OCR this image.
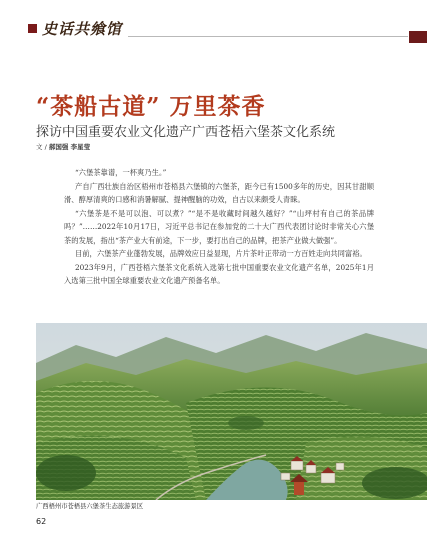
史话共飨馆
“茶船古道” 万里茶香
探访中国重要农业文化遗产广西苍梧六堡茶文化系统
文 / 郝国强 李星莹

“六堡茶靠谱，一杯爽乃生。”

产自广西壮族自治区梧州市苍梧县六堡镇的六堡茶，距今已有1500多年的历史，因其甘甜顺滑、醇厚清爽的口感和消暑解腻、提神醒脑的功效，自古以来颇受人青睐。

“六堡茶是不是可以泡、可以煮？”“是不是收藏时间越久越好？”“山坪村有自己的茶品牌吗？”……2022年10月17日，习近平总书记在参加党的二十大广西代表团讨论时非常关心六堡茶的发展，指出“茶产业大有前途，下一步，要打出自己的品牌，把茶产业做大做强”。

目前，六堡茶产业蓬勃发展，品牌效应日益显现，片片茶叶正带动一方百姓走向共同富裕。

2023年9月，广西苍梧六堡茶文化系统入选第七批中国重要农业文化遗产名单，2025年1月入选第三批中国全球重要农业文化遗产预备名单。

广西梧州市苍梧县六堡茶生态旅游景区
62
